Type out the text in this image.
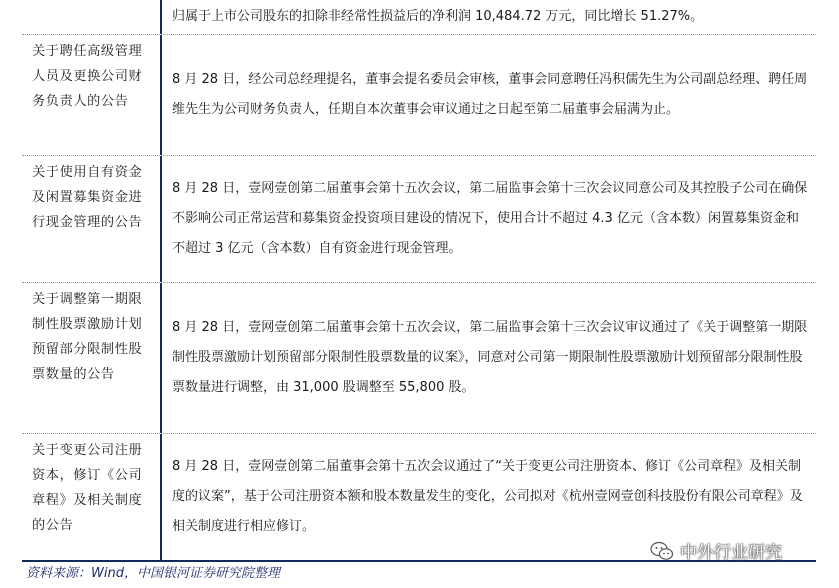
归属于上市公司股东的扣除非经常性损益后的净利润 10,484.72 万元，同比增长 51.27%。
关于聘任高级管理人员及更换公司财务负责人的公告
8 月 28 日，经公司总经理提名，董事会提名委员会审核，董事会同意聘任冯积儒先生为公司副总经理、聘任周维先生为公司财务负责人，任期自本次董事会审议通过之日起至第二届董事会届满为止。
关于使用自有资金及闲置募集资金进行现金管理的公告
8 月 28 日，壹网壹创第二届董事会第十五次会议，第二届监事会第十三次会议同意公司及其控股子公司在确保不影响公司正常运营和募集资金投资项目建设的情况下，使用合计不超过 4.3 亿元（含本数）闲置募集资金和不超过 3 亿元（含本数）自有资金进行现金管理。
关于调整第一期限制性股票激励计划预留部分限制性股票数量的公告
8 月 28 日，壹网壹创第二届董事会第十五次会议，第二届监事会第十三次会议审议通过了《关于调整第一期限制性股票激励计划预留部分限制性股票数量的议案》，同意对公司第一期限制性股票激励计划预留部分限制性股票数量进行调整，由 31,000 股调整至 55,800 股。
关于变更公司注册资本，修订《公司章程》及相关制度的公告
8 月 28 日，壹网壹创第二届董事会第十五次会议通过了“关于变更公司注册资本、修订《公司章程》及相关制度的议案”，基于公司注册资本额和股本数量发生的变化，公司拟对《杭州壹网壹创科技股份有限公司章程》及相关制度进行相应修订。
资料来源：Wind，中国银河证券研究院整理
中外行业研究
